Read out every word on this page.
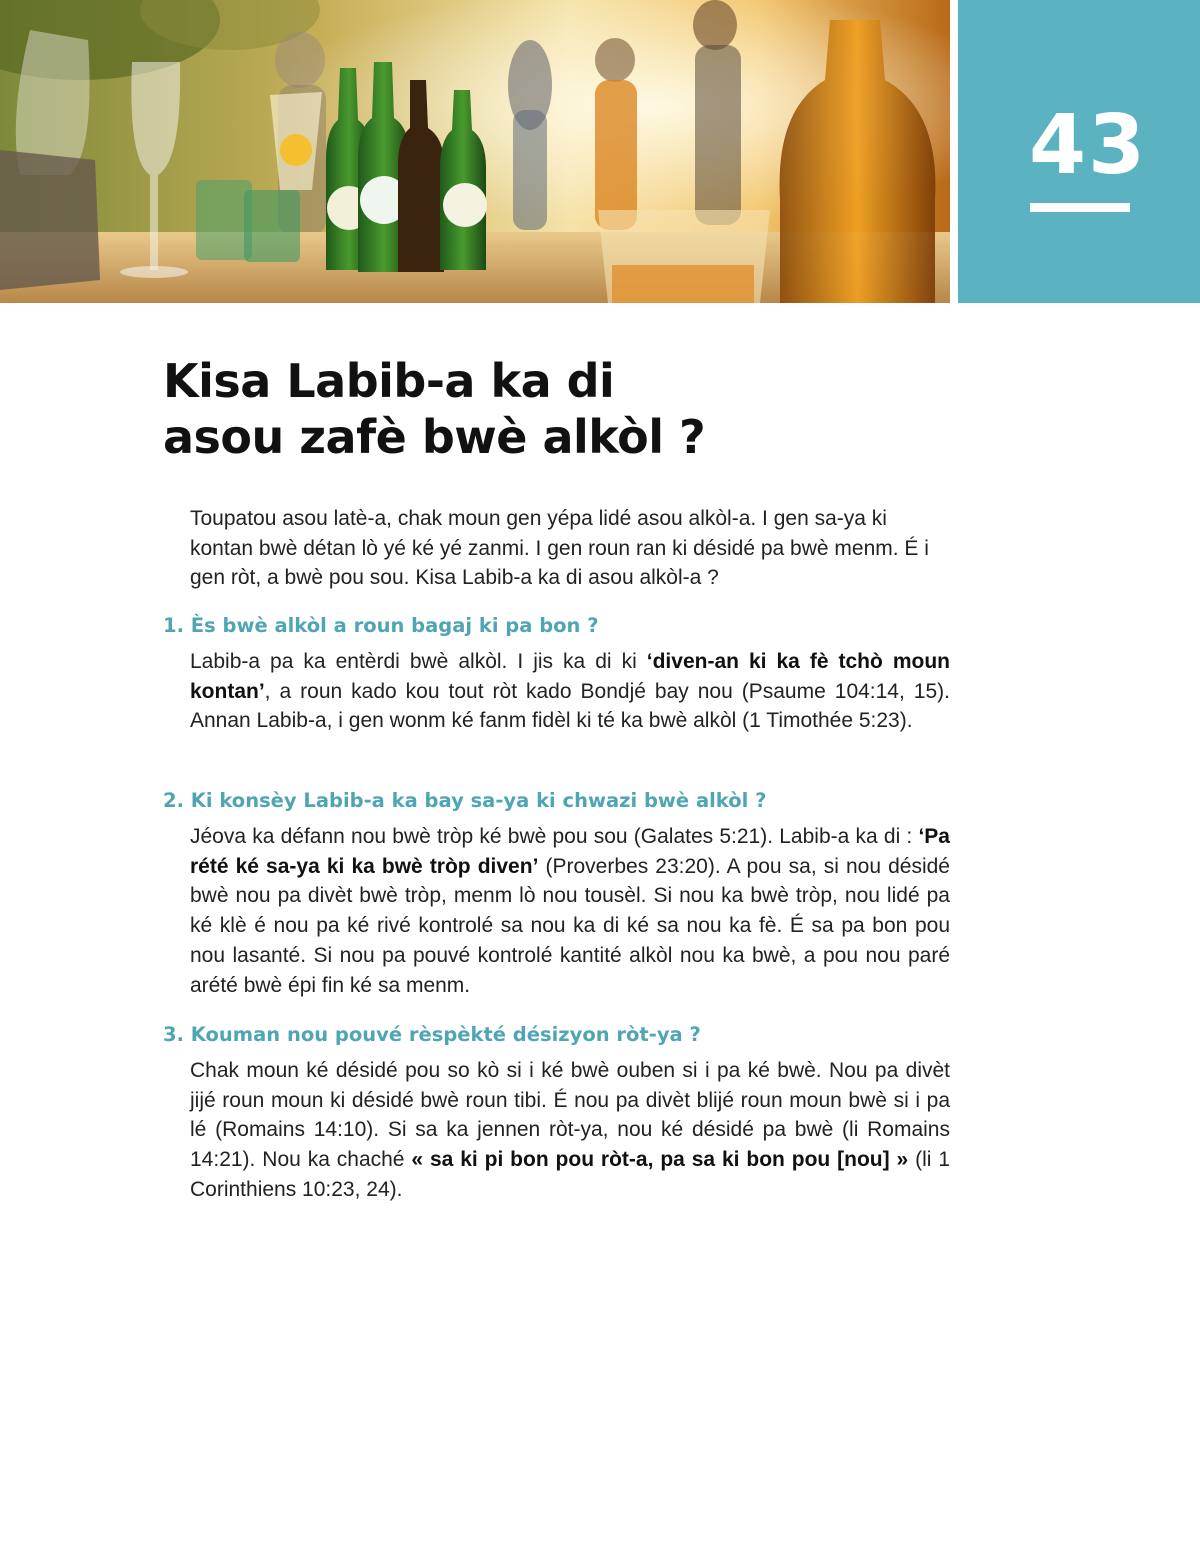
43
Kisa Labib-a ka di
asou zafè bwè alkòl ?

Toupatou asou latè-a, chak moun gen yépa lidé asou alkòl-a. I gen sa-ya ki kontan bwè détan lò yé ké yé zanmi. I gen roun ran ki désidé pa bwè menm. É i gen ròt, a bwè pou sou. Kisa Labib-a ka di asou alkòl-a ?

1. Ès bwè alkòl a roun bagaj ki pa bon ?

Labib-a pa ka entèrdi bwè alkòl. I jis ka di ki ‘diven-an ki ka fè tchò moun kontan’, a roun kado kou tout ròt kado Bondjé bay nou (Psaume 104:14, 15). Annan Labib-a, i gen wonm ké fanm fidèl ki té ka bwè alkòl (1 Timothée 5:23).

2. Ki konsèy Labib-a ka bay sa-ya ki chwazi bwè alkòl ?

Jéova ka défann nou bwè tròp ké bwè pou sou (Galates 5:21). Labib-a ka di : ‘Pa rété ké sa-ya ki ka bwè tròp diven’ (Proverbes 23:20). A pou sa, si nou désidé bwè nou pa divèt bwè tròp, menm lò nou tousèl. Si nou ka bwè tròp, nou lidé pa ké klè é nou pa ké rivé kontrolé sa nou ka di ké sa nou ka fè. É sa pa bon pou nou lasanté. Si nou pa pouvé kontrolé kantité alkòl nou ka bwè, a pou nou paré arété bwè épi fin ké sa menm.

3. Kouman nou pouvé rèspèkté désizyon ròt-ya ?

Chak moun ké désidé pou so kò si i ké bwè ouben si i pa ké bwè. Nou pa divèt jijé roun moun ki désidé bwè roun tibi. É nou pa divèt blijé roun moun bwè si i pa lé (Romains 14:10). Si sa ka jennen ròt-ya, nou ké désidé pa bwè (li Romains 14:21). Nou ka chaché « sa ki pi bon pou ròt-a, pa sa ki bon pou [nou] » (li 1 Corinthiens 10:23, 24).
